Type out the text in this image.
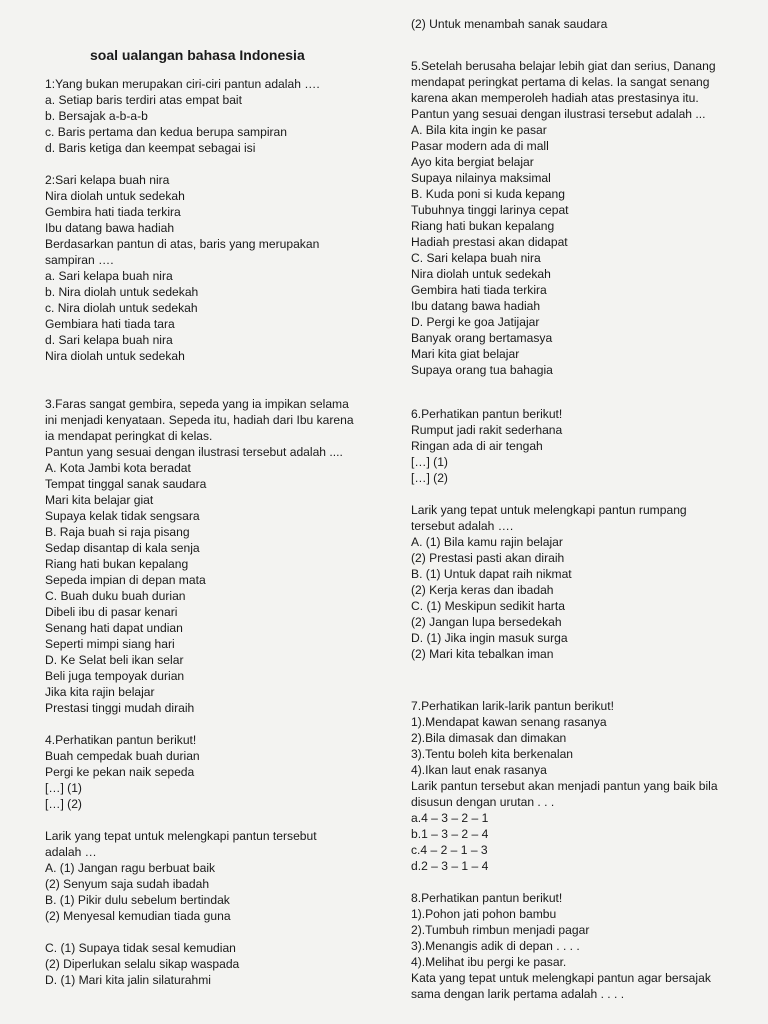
soal ualangan bahasa Indonesia
1:Yang bukan merupakan ciri-ciri pantun adalah ….
a. Setiap baris terdiri atas empat bait
b. Bersajak a-b-a-b
c. Baris pertama dan kedua berupa sampiran
d. Baris ketiga dan keempat sebagai isi
2:Sari kelapa buah nira
Nira diolah untuk sedekah
Gembira hati tiada terkira
Ibu datang bawa hadiah
Berdasarkan pantun di atas, baris yang merupakan
sampiran ….
a. Sari kelapa buah nira
b. Nira diolah untuk sedekah
c. Nira diolah untuk sedekah
Gembiara hati tiada tara
d. Sari kelapa buah nira
Nira diolah untuk sedekah
3.Faras sangat gembira, sepeda yang ia impikan selama
ini menjadi kenyataan. Sepeda itu, hadiah dari Ibu karena
ia mendapat peringkat di kelas.
Pantun yang sesuai dengan ilustrasi tersebut adalah ....
A. Kota Jambi kota beradat
Tempat tinggal sanak saudara
Mari kita belajar giat
Supaya kelak tidak sengsara
B. Raja buah si raja pisang
Sedap disantap di kala senja
Riang hati bukan kepalang
Sepeda impian di depan mata
C. Buah duku buah durian
Dibeli ibu di pasar kenari
Senang hati dapat undian
Seperti mimpi siang hari
D. Ke Selat beli ikan selar
Beli juga tempoyak durian
Jika kita rajin belajar
Prestasi tinggi mudah diraih
4.Perhatikan pantun berikut!
Buah cempedak buah durian
Pergi ke pekan naik sepeda
[…] (1)
[…] (2)
Larik yang tepat untuk melengkapi pantun tersebut
adalah …
A. (1) Jangan ragu berbuat baik
(2) Senyum saja sudah ibadah
B. (1) Pikir dulu sebelum bertindak
(2) Menyesal kemudian tiada guna
C. (1) Supaya tidak sesal kemudian
(2) Diperlukan selalu sikap waspada
D. (1) Mari kita jalin silaturahmi
(2) Untuk menambah sanak saudara
5.Setelah berusaha belajar lebih giat dan serius, Danang
mendapat peringkat pertama di kelas. Ia sangat senang
karena akan memperoleh hadiah atas prestasinya itu.
Pantun yang sesuai dengan ilustrasi tersebut adalah ...
A. Bila kita ingin ke pasar
Pasar modern ada di mall
Ayo kita bergiat belajar
Supaya nilainya maksimal
B. Kuda poni si kuda kepang
Tubuhnya tinggi larinya cepat
Riang hati bukan kepalang
Hadiah prestasi akan didapat
C. Sari kelapa buah nira
Nira diolah untuk sedekah
Gembira hati tiada terkira
Ibu datang bawa hadiah
D. Pergi ke goa Jatijajar
Banyak orang bertamasya
Mari kita giat belajar
Supaya orang tua bahagia
6.Perhatikan pantun berikut!
Rumput jadi rakit sederhana
Ringan ada di air tengah
[…] (1)
[…] (2)
Larik yang tepat untuk melengkapi pantun rumpang
tersebut adalah ….
A. (1) Bila kamu rajin belajar
(2) Prestasi pasti akan diraih
B. (1) Untuk dapat raih nikmat
(2) Kerja keras dan ibadah
C. (1) Meskipun sedikit harta
(2) Jangan lupa bersedekah
D. (1) Jika ingin masuk surga
(2) Mari kita tebalkan iman
7.Perhatikan larik-larik pantun berikut!
1).Mendapat kawan senang rasanya
2).Bila dimasak dan dimakan
3).Tentu boleh kita berkenalan
4).Ikan laut enak rasanya
Larik pantun tersebut akan menjadi pantun yang baik bila
disusun dengan urutan . . .
a.4 – 3 – 2 – 1
b.1 – 3 – 2 – 4
c.4 – 2 – 1 – 3
d.2 – 3 – 1 – 4
8.Perhatikan pantun berikut!
1).Pohon jati pohon bambu
2).Tumbuh rimbun menjadi pagar
3).Menangis adik di depan . . . .
4).Melihat ibu pergi ke pasar.
Kata yang tepat untuk melengkapi pantun agar bersajak
sama dengan larik pertama adalah . . . .
